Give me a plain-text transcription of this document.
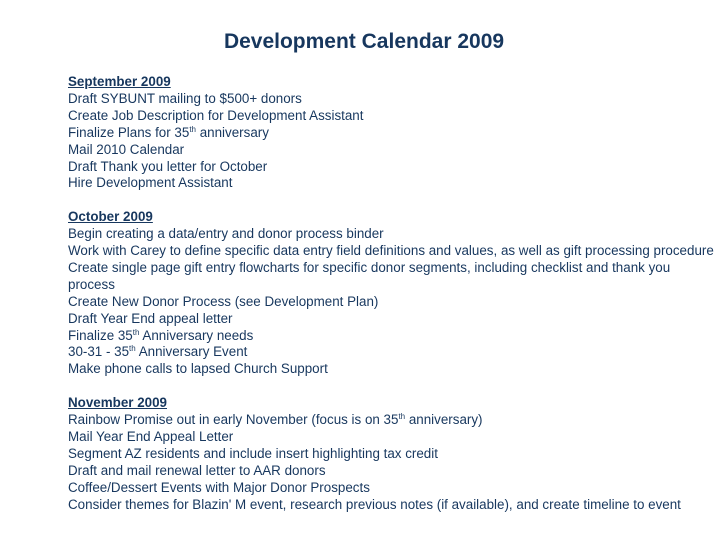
Development Calendar 2009
September 2009
Draft SYBUNT mailing to $500+ donors
Create Job Description for Development Assistant
Finalize Plans for 35th anniversary
Mail 2010 Calendar
Draft Thank you letter for October
Hire Development Assistant
October 2009
Begin creating a data/entry and donor process binder
Work with Carey to define specific data entry field definitions and values, as well as gift processing procedure
Create single page gift entry flowcharts for specific donor segments, including checklist and thank you process
Create New Donor Process (see Development Plan)
Draft Year End appeal letter
Finalize 35th Anniversary needs
30-31 - 35th Anniversary Event
Make phone calls to lapsed Church Support
November 2009
Rainbow Promise out in early November (focus is on 35th anniversary)
Mail Year End Appeal Letter
Segment AZ residents and include insert highlighting tax credit
Draft and mail renewal letter to AAR donors
Coffee/Dessert Events with Major Donor Prospects
Consider themes for Blazin' M event, research previous notes (if available), and create timeline to event
